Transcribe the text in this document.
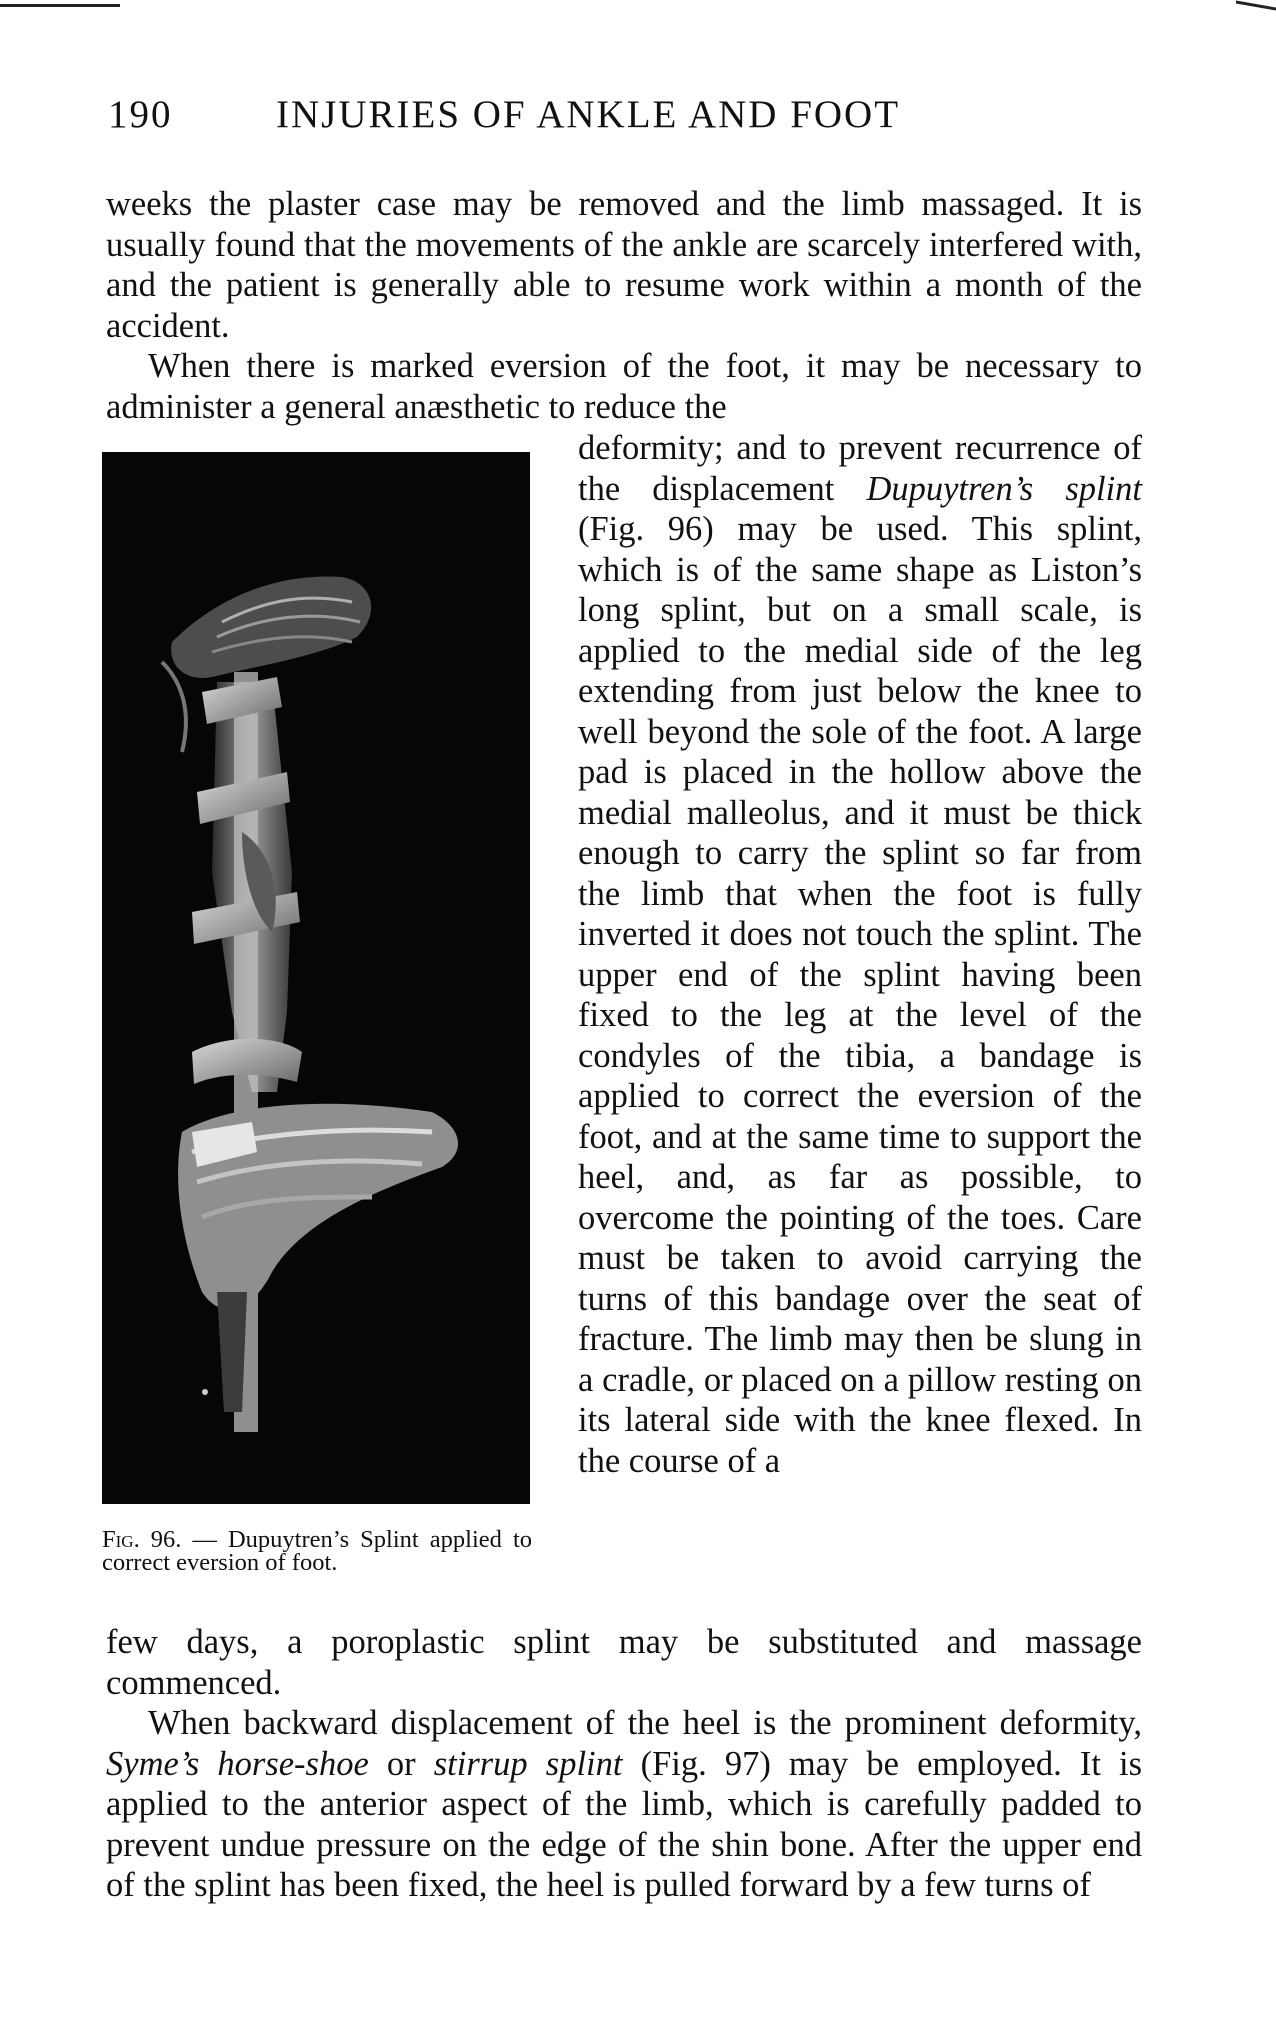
190	INJURIES OF ANKLE AND FOOT

weeks the plaster case may be removed and the limb massaged. It is usually found that the movements of the ankle are scarcely interfered with, and the patient is generally able to resume work within a month of the accident.

When there is marked eversion of the foot, it may be necessary to administer a general anæsthetic to reduce the

deformity; and to prevent recurrence of the displacement Dupuytren’s splint (Fig. 96) may be used. This splint, which is of the same shape as Liston’s long splint, but on a small scale, is applied to the medial side of the leg extending from just below the knee to well beyond the sole of the foot. A large pad is placed in the hollow above the medial malleolus, and it must be thick enough to carry the splint so far from the limb that when the foot is fully inverted it does not touch the splint. The upper end of the splint having been fixed to the leg at the level of the condyles of the tibia, a bandage is applied to correct the eversion of the foot, and at the same time to support the heel, and, as far as possible, to overcome the pointing of the toes. Care must be taken to avoid carrying the turns of this bandage over the seat of fracture. The limb may then be slung in a cradle, or placed on a pillow resting on its lateral side with the knee flexed. In the course of a

Fig. 96. — Dupuytren’s Splint applied to correct eversion of foot.

few days, a poroplastic splint may be substituted and massage commenced.

When backward displacement of the heel is the prominent deformity, Syme’s horse-shoe or stirrup splint (Fig. 97) may be employed. It is applied to the anterior aspect of the limb, which is carefully padded to prevent undue pressure on the edge of the shin bone. After the upper end of the splint has been fixed, the heel is pulled forward by a few turns of
